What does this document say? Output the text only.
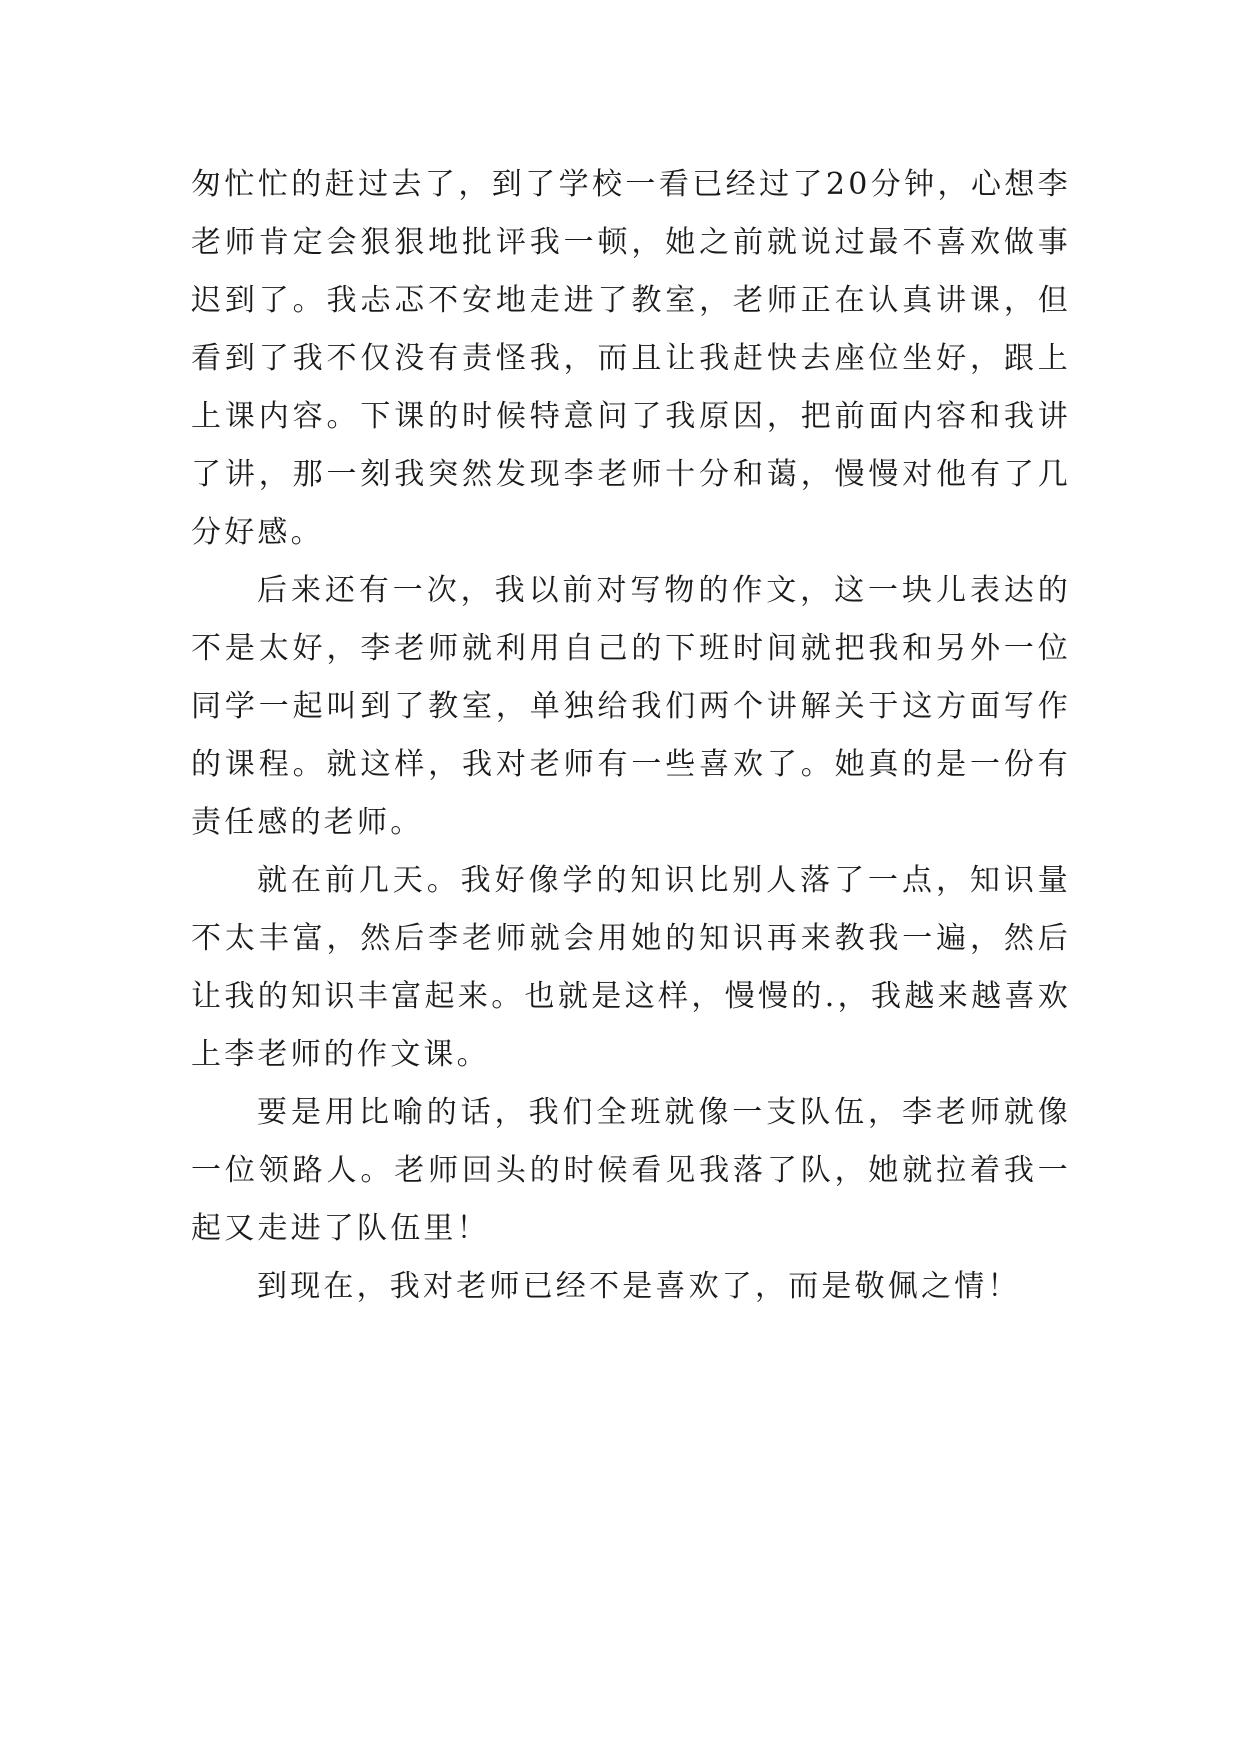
匆忙忙的赶过去了，到了学校一看已经过了20分钟，心想李老师肯定会狠狠地批评我一顿，她之前就说过最不喜欢做事迟到了。我忐忑不安地走进了教室，老师正在认真讲课，但看到了我不仅没有责怪我，而且让我赶快去座位坐好，跟上上课内容。下课的时候特意问了我原因，把前面内容和我讲了讲，那一刻我突然发现李老师十分和蔼，慢慢对他有了几分好感。

后来还有一次，我以前对写物的作文，这一块儿表达的不是太好，李老师就利用自己的下班时间就把我和另外一位同学一起叫到了教室，单独给我们两个讲解关于这方面写作的课程。就这样，我对老师有一些喜欢了。她真的是一份有责任感的老师。

就在前几天。我好像学的知识比别人落了一点，知识量不太丰富，然后李老师就会用她的知识再来教我一遍，然后让我的知识丰富起来。也就是这样，慢慢的.，我越来越喜欢上李老师的作文课。

要是用比喻的话，我们全班就像一支队伍，李老师就像一位领路人。老师回头的时候看见我落了队，她就拉着我一起又走进了队伍里！

到现在，我对老师已经不是喜欢了，而是敬佩之情！
